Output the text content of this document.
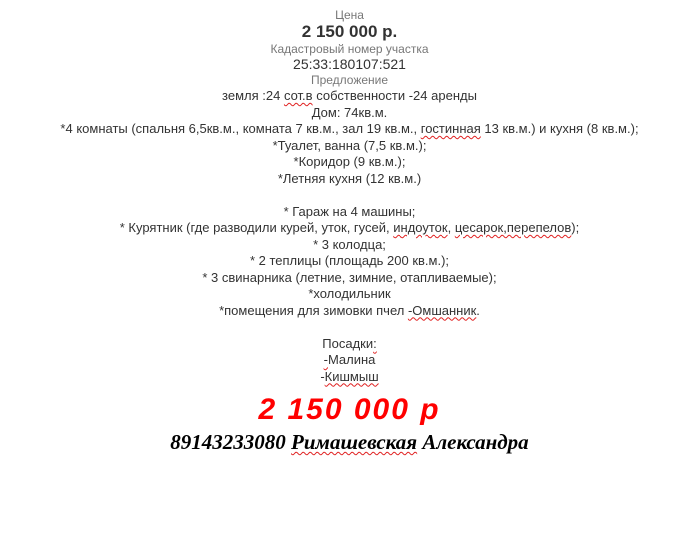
Цена
2 150 000 р.
Кадастровый номер участка
25:33:180107:521
Предложение
земля :24 сот.в собственности -24 аренды
Дом: 74кв.м.
*4 комнаты (спальня 6,5кв.м., комната 7 кв.м., зал 19 кв.м., гостинная 13 кв.м.) и кухня (8 кв.м.);
*Туалет, ванна (7,5 кв.м.);
*Коридор (9 кв.м.);
*Летняя кухня (12 кв.м.)
* Гараж на 4 машины;
* Курятник (где разводили курей, уток, гусей, индоуток, цесарок,перепелов);
* 3 колодца;
* 2 теплицы (площадь 200 кв.м.);
* 3 свинарника (летние, зимние, отапливаемые);
*холодильник
*помещения для зимовки пчел -Омшанник.
Посадки:
-Малина
-Кишмыш
2 150 000 р
89143233080 Римашевская Александра
